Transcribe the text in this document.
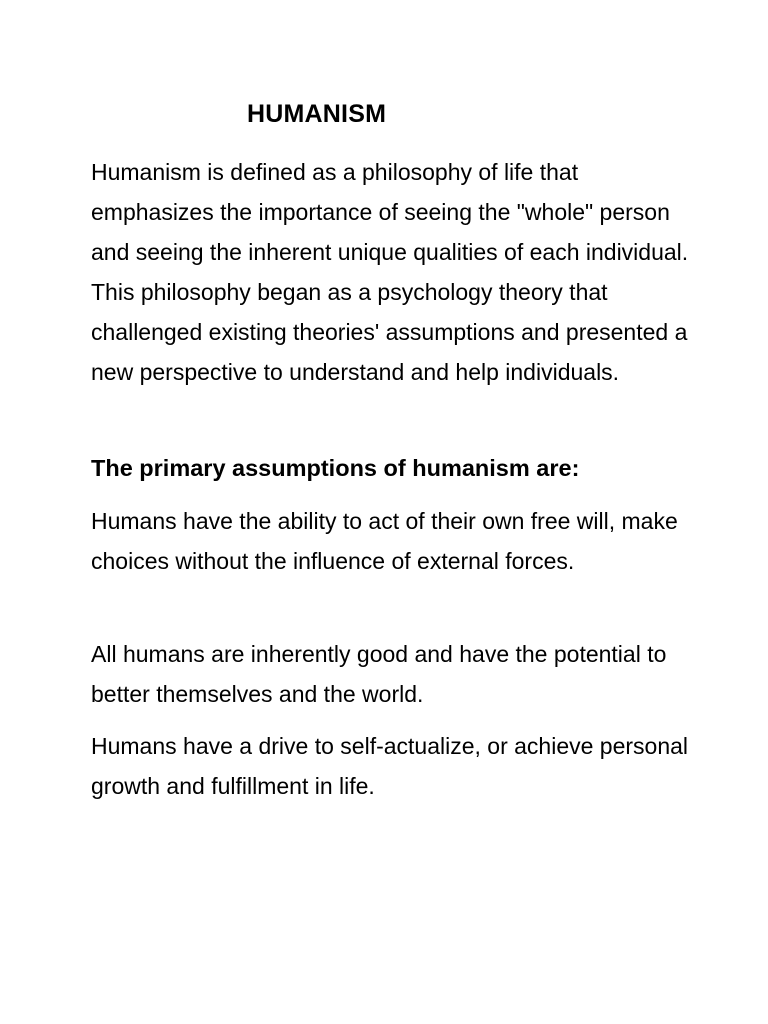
HUMANISM

Humanism is defined as a philosophy of life that emphasizes the importance of seeing the "whole" person and seeing the inherent unique qualities of each individual. This philosophy began as a psychology theory that challenged existing theories' assumptions and presented a new perspective to understand and help individuals.

The primary assumptions of humanism are:

Humans have the ability to act of their own free will, make choices without the influence of external forces.

All humans are inherently good and have the potential to better themselves and the world.

Humans have a drive to self-actualize, or achieve personal growth and fulfillment in life.
